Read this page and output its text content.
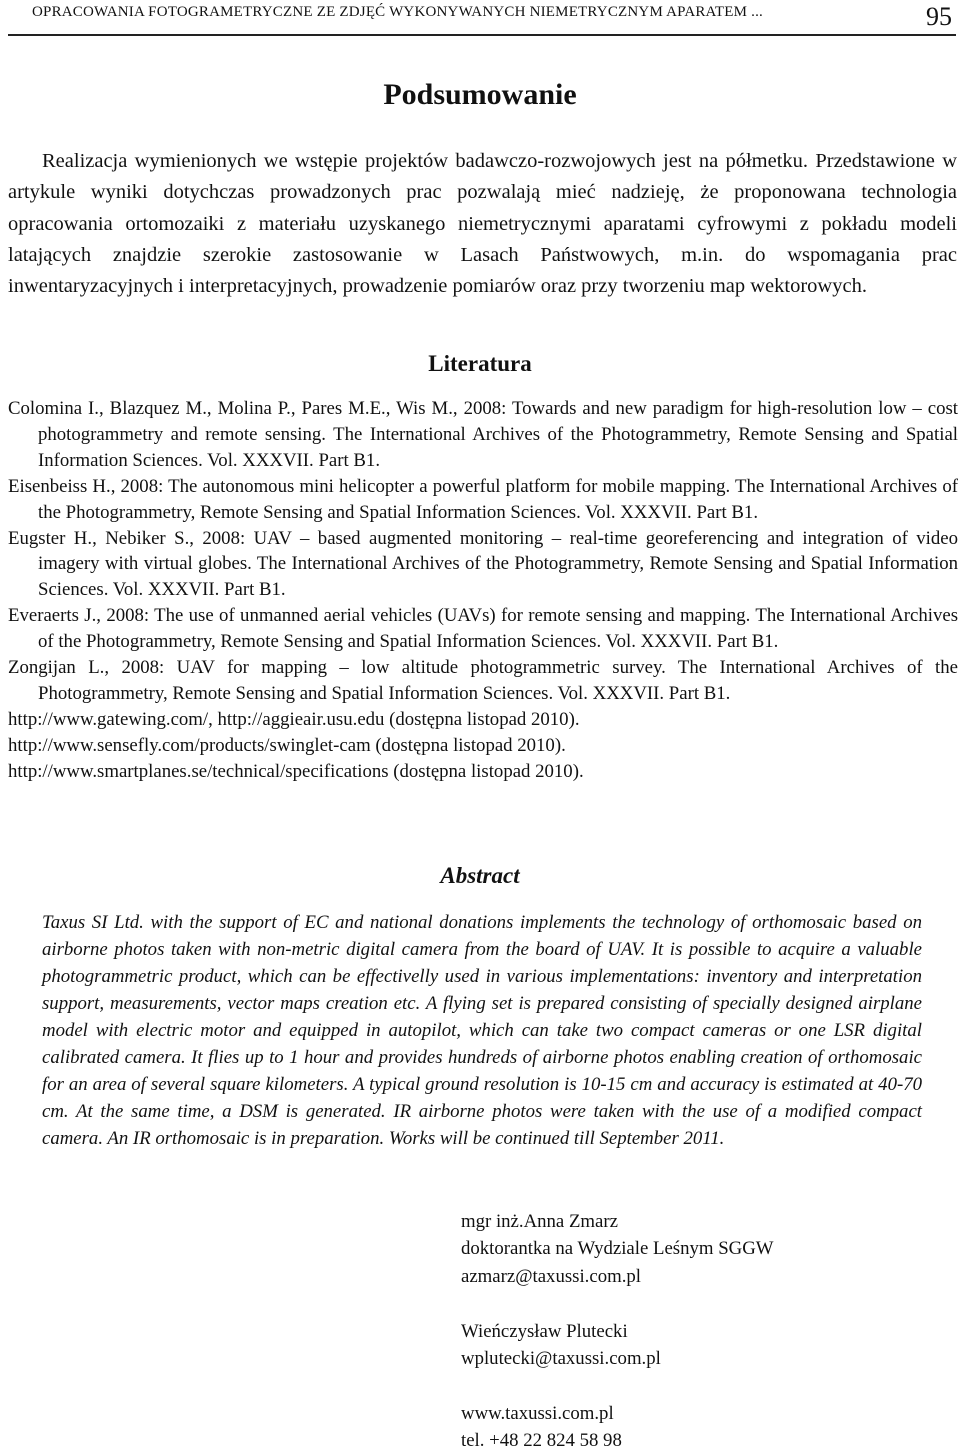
OPRACOWANIA FOTOGRAMETRYCZNE ZE ZDJĘĆ WYKONYWANYCH NIEMETRYCZNYM APARATEM ...	95
Podsumowanie

Realizacja wymienionych we wstępie projektów badawczo-rozwojowych jest na półmetku. Przedstawione w artykule wyniki dotychczas prowadzonych prac pozwalają mieć nadzieję, że proponowana technologia opracowania ortomozaiki z materiału uzyskanego niemetrycznymi aparatami cyfrowymi z pokładu modeli latających znajdzie szerokie zastosowanie w Lasach Państwowych, m.in. do wspomagania prac inwentaryzacyjnych i interpretacyjnych, prowadzenie pomiarów oraz przy tworzeniu map wektorowych.

Literatura

Colomina I., Blazquez M., Molina P., Pares M.E., Wis M., 2008: Towards and new paradigm for high-resolution low – cost photogrammetry and remote sensing. The International Archives of the Photogrammetry, Remote Sensing and Spatial Information Sciences. Vol. XXXVII. Part B1.

Eisenbeiss H., 2008: The autonomous mini helicopter a powerful platform for mobile mapping. The International Archives of the Photogrammetry, Remote Sensing and Spatial Information Sciences. Vol. XXXVII. Part B1.

Eugster H., Nebiker S., 2008: UAV – based augmented monitoring – real-time georeferencing and integration of video imagery with virtual globes. The International Archives of the Photogrammetry, Remote Sensing and Spatial Information Sciences. Vol. XXXVII. Part B1.

Everaerts J., 2008: The use of unmanned aerial vehicles (UAVs) for remote sensing and mapping. The International Archives of the Photogrammetry, Remote Sensing and Spatial Information Sciences. Vol. XXXVII. Part B1.

Zongijan L., 2008: UAV for mapping – low altitude photogrammetric survey. The International Archives of the Photogrammetry, Remote Sensing and Spatial Information Sciences. Vol. XXXVII. Part B1.

http://www.gatewing.com/, http://aggieair.usu.edu (dostępna listopad 2010).

http://www.sensefly.com/products/swinglet-cam (dostępna listopad 2010).

http://www.smartplanes.se/technical/specifications (dostępna listopad 2010).

Abstract

Taxus SI Ltd. with the support of EC and national donations implements the technology of orthomosaic based on airborne photos taken with non-metric digital camera from the board of UAV. It is possible to acquire a valuable photogrammetric product, which can be effectivelly used in various implementations: inventory and interpretation support, measurements, vector maps creation etc. A flying set is prepared consisting of specially designed airplane model with electric motor and equipped in autopilot, which can take two compact cameras or one LSR digital calibrated camera. It flies up to 1 hour and provides hundreds of airborne photos enabling creation of orthomosaic for an area of several square kilometers. A typical ground resolution is 10-15 cm and accuracy is estimated at 40-70 cm. At the same time, a DSM is generated. IR airborne photos were taken with the use of a modified compact camera. An IR orthomosaic is in preparation. Works will be continued till September 2011.

mgr inż.Anna Zmarz
doktorantka na Wydziale Leśnym SGGW
azmarz@taxussi.com.pl
Wieńczysław Plutecki
wplutecki@taxussi.com.pl
www.taxussi.com.pl
tel. +48 22 824 58 98
